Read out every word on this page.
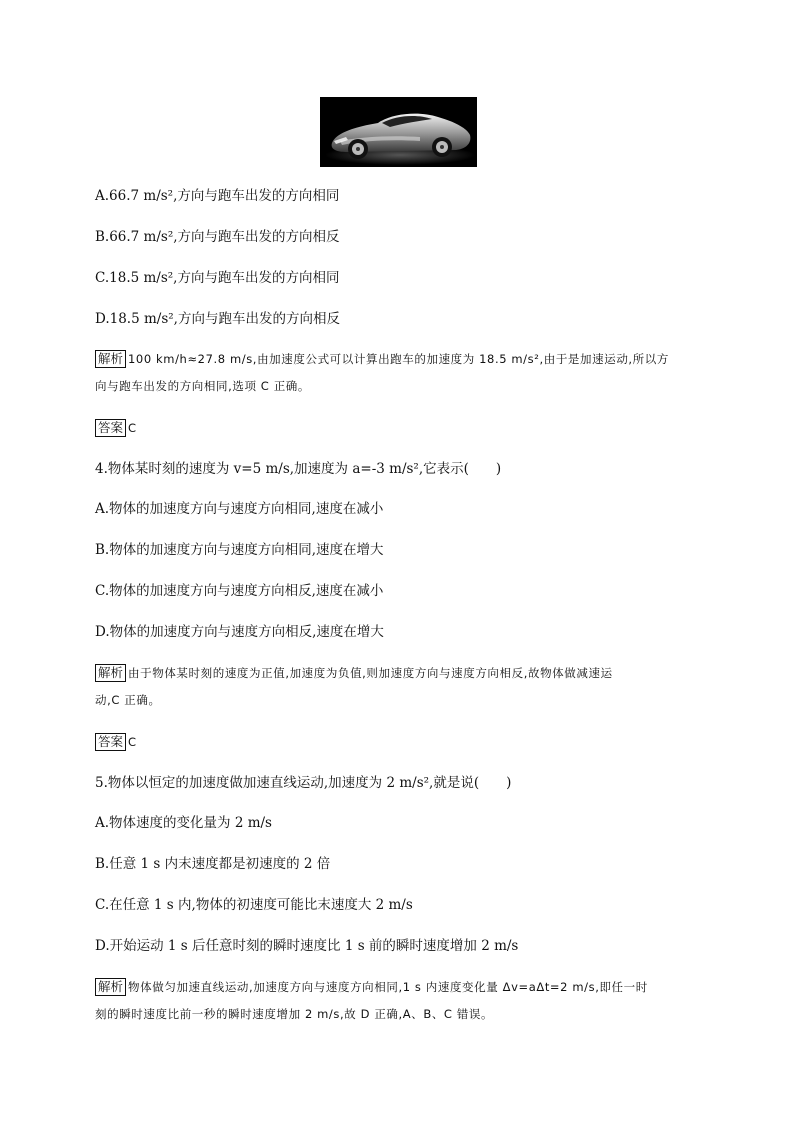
A.66.7 m/s²,方向与跑车出发的方向相同
B.66.7 m/s²,方向与跑车出发的方向相反
C.18.5 m/s²,方向与跑车出发的方向相同
D.18.5 m/s²,方向与跑车出发的方向相反
解析 100 km/h≈27.8 m/s,由加速度公式可以计算出跑车的加速度为 18.5 m/s²,由于是加速运动,所以方
向与跑车出发的方向相同,选项 C 正确。
答案 C
4.物体某时刻的速度为 v=5 m/s,加速度为 a=-3 m/s²,它表示(　　)
A.物体的加速度方向与速度方向相同,速度在减小
B.物体的加速度方向与速度方向相同,速度在增大
C.物体的加速度方向与速度方向相反,速度在减小
D.物体的加速度方向与速度方向相反,速度在增大
解析 由于物体某时刻的速度为正值,加速度为负值,则加速度方向与速度方向相反,故物体做减速运
动,C 正确。
答案 C
5.物体以恒定的加速度做加速直线运动,加速度为 2 m/s²,就是说(　　)
A.物体速度的变化量为 2 m/s
B.任意 1 s 内末速度都是初速度的 2 倍
C.在任意 1 s 内,物体的初速度可能比末速度大 2 m/s
D.开始运动 1 s 后任意时刻的瞬时速度比 1 s 前的瞬时速度增加 2 m/s
解析 物体做匀加速直线运动,加速度方向与速度方向相同,1 s 内速度变化量 Δv=aΔt=2 m/s,即任一时
刻的瞬时速度比前一秒的瞬时速度增加 2 m/s,故 D 正确,A、B、C 错误。
